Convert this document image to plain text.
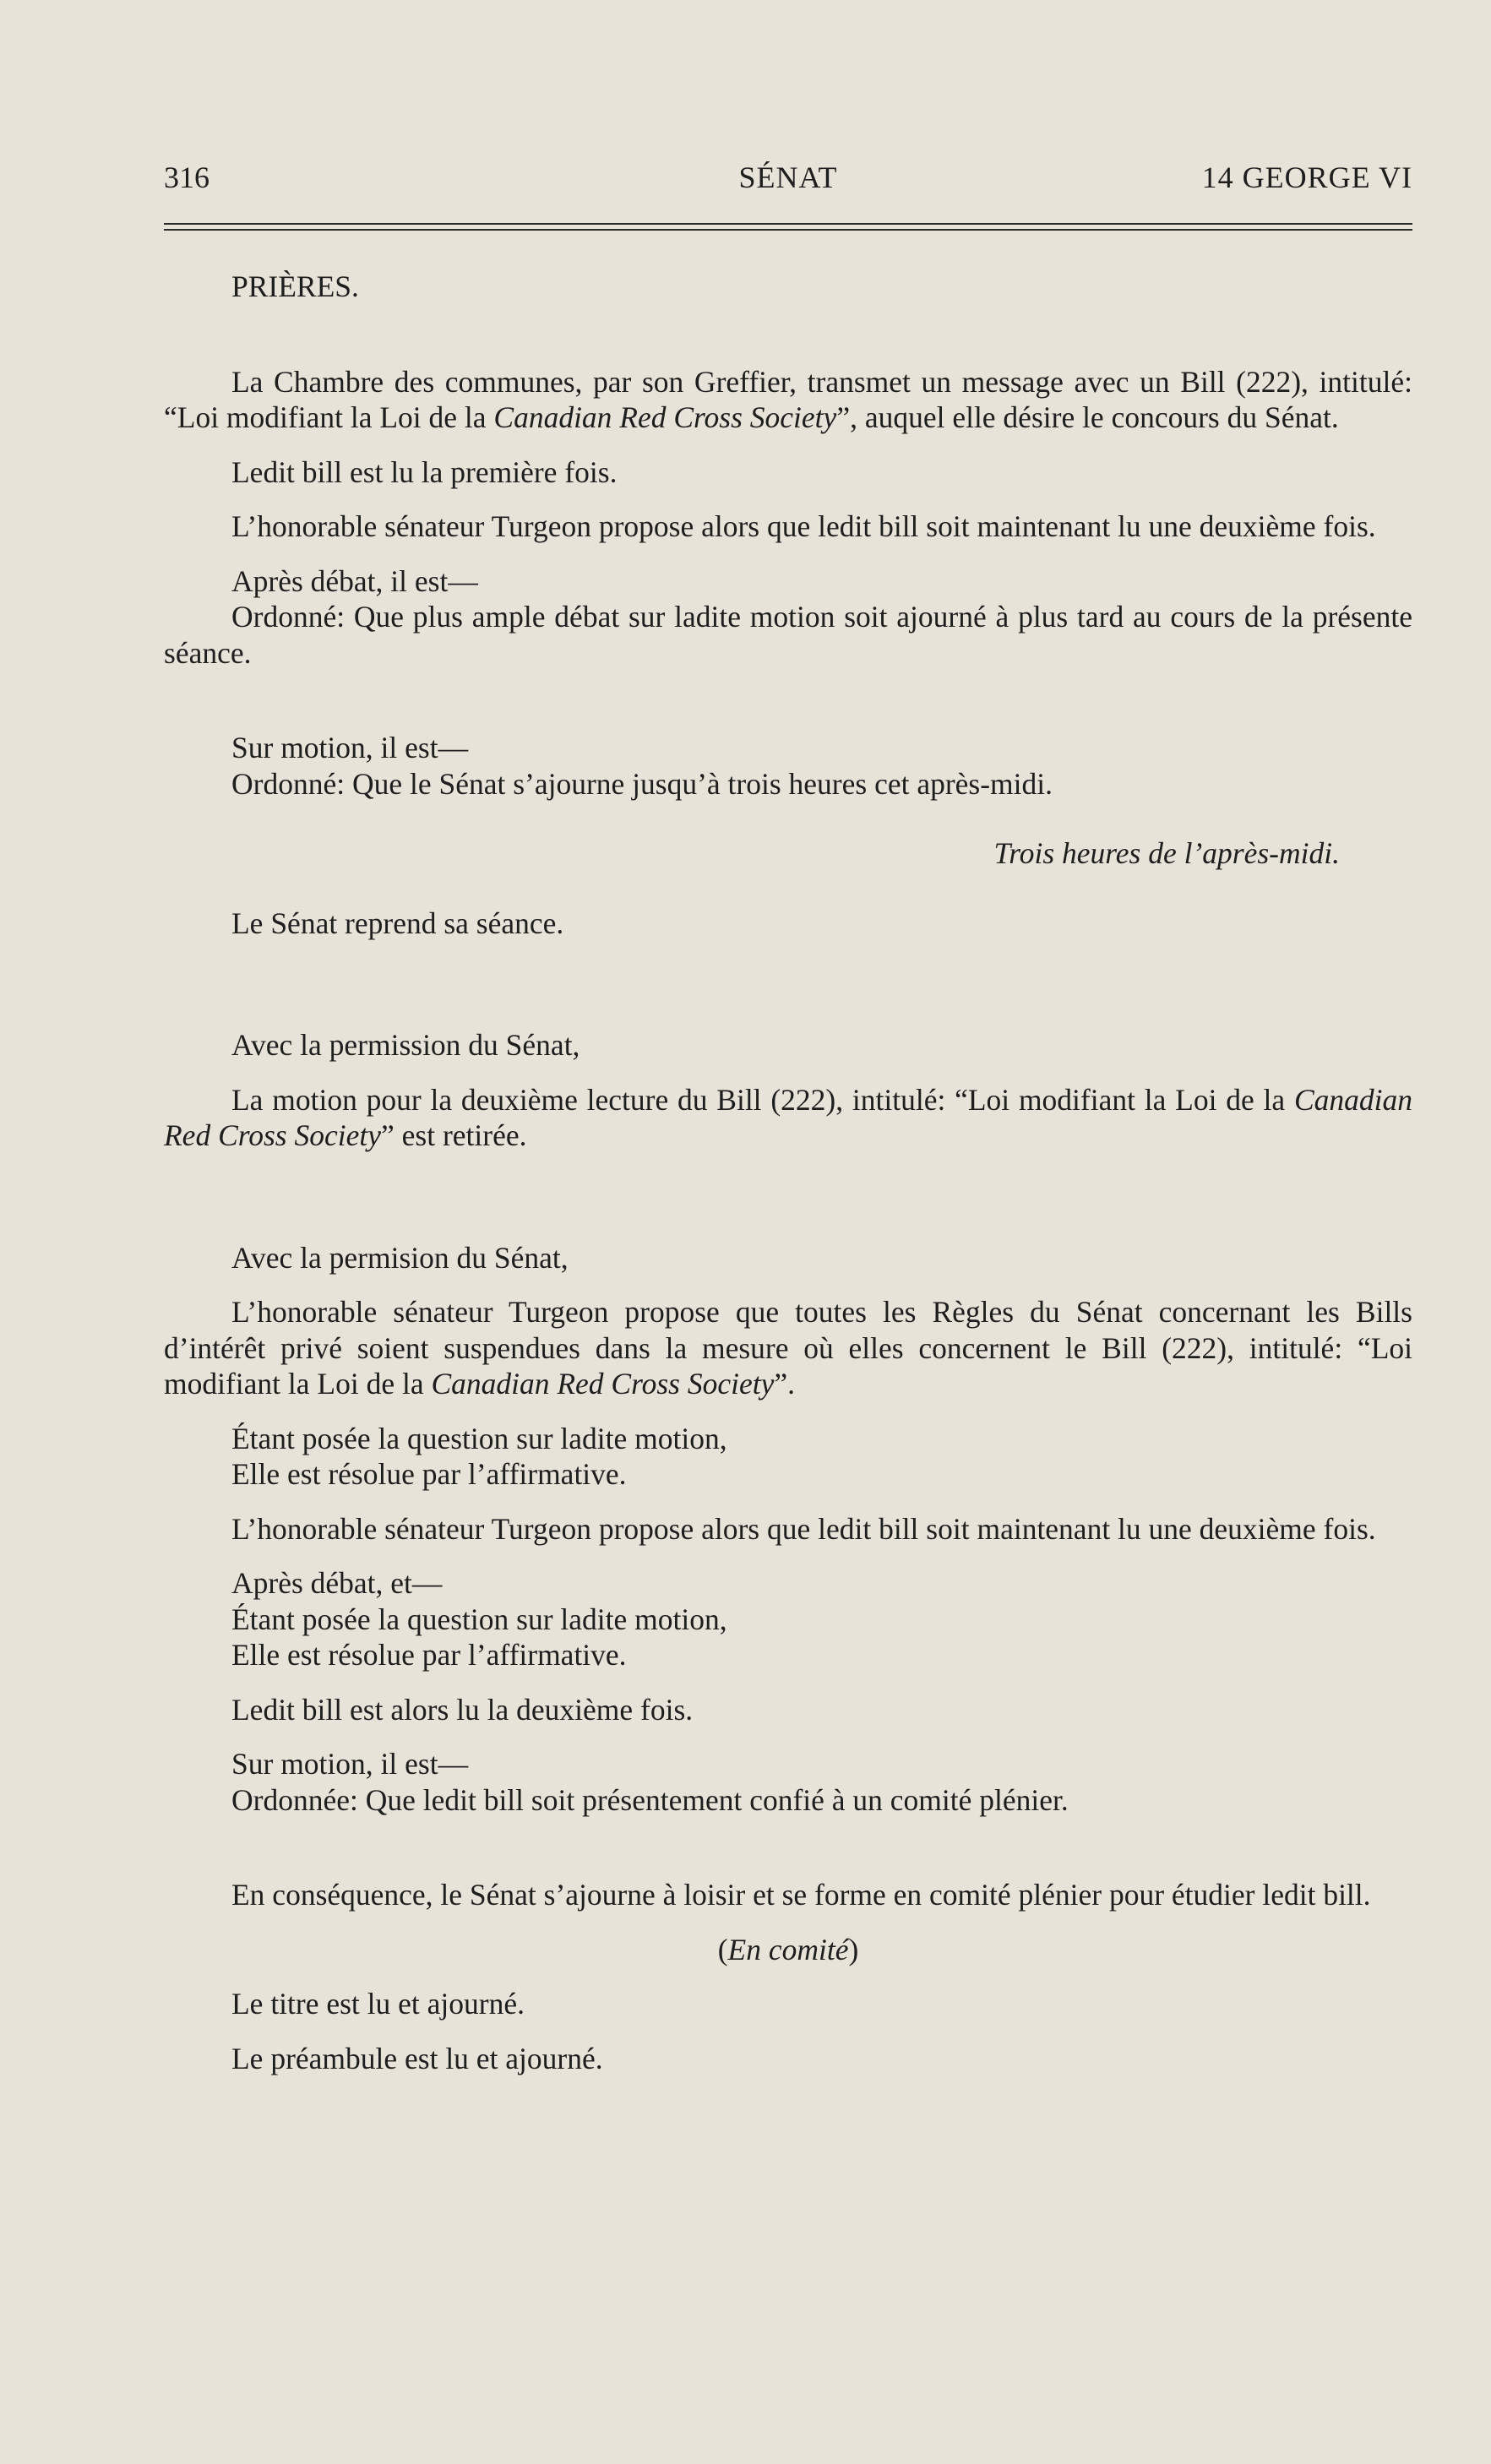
316	SÉNAT	14 GEORGE VI

PRIÈRES.

La Chambre des communes, par son Greffier, transmet un message avec un Bill (222), intitulé: “Loi modifiant la Loi de la Canadian Red Cross Society”, auquel elle désire le concours du Sénat.

Ledit bill est lu la première fois.

L’honorable sénateur Turgeon propose alors que ledit bill soit maintenant lu une deuxième fois.

Après débat, il est—

Ordonné: Que plus ample débat sur ladite motion soit ajourné à plus tard au cours de la présente séance.

Sur motion, il est—

Ordonné: Que le Sénat s’ajourne jusqu’à trois heures cet après-midi.

Trois heures de l’après-midi.

Le Sénat reprend sa séance.

Avec la permission du Sénat,

La motion pour la deuxième lecture du Bill (222), intitulé: “Loi modifiant la Loi de la Canadian Red Cross Society” est retirée.

Avec la permision du Sénat,

L’honorable sénateur Turgeon propose que toutes les Règles du Sénat concernant les Bills d’intérêt privé soient suspendues dans la mesure où elles concernent le Bill (222), intitulé: “Loi modifiant la Loi de la Canadian Red Cross Society”.

Étant posée la question sur ladite motion,

Elle est résolue par l’affirmative.

L’honorable sénateur Turgeon propose alors que ledit bill soit maintenant lu une deuxième fois.

Après débat, et—

Étant posée la question sur ladite motion,

Elle est résolue par l’affirmative.

Ledit bill est alors lu la deuxième fois.

Sur motion, il est—

Ordonnée: Que ledit bill soit présentement confié à un comité plénier.

En conséquence, le Sénat s’ajourne à loisir et se forme en comité plénier pour étudier ledit bill.

(En comité)

Le titre est lu et ajourné.

Le préambule est lu et ajourné.
